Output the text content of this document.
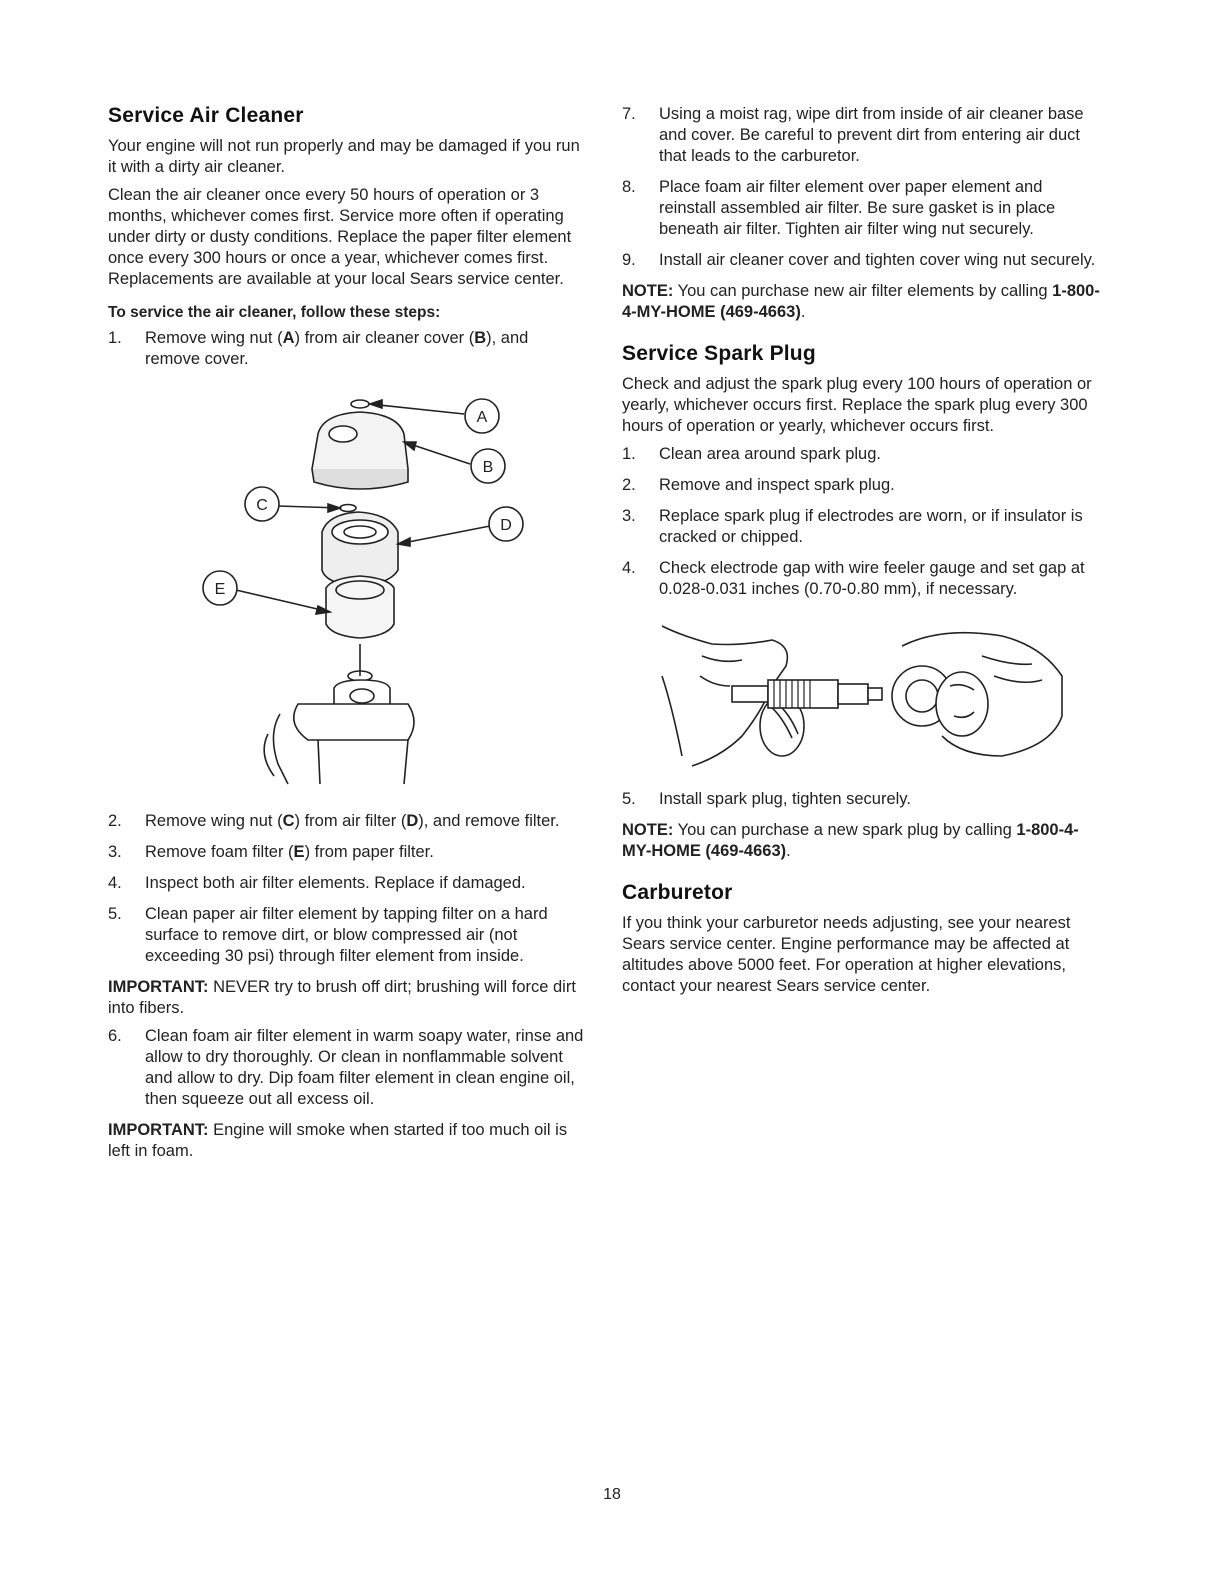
Service Air Cleaner

Your engine will not run properly and may be damaged if you run it with a dirty air cleaner.

Clean the air cleaner once every 50 hours of operation or 3 months, whichever comes first. Service more often if operating under dirty or dusty conditions. Replace the paper filter element once every 300 hours or once a year, whichever comes first. Replacements are available at your local Sears service center.

To service the air cleaner, follow these steps:
1. Remove wing nut (A) from air cleaner cover (B), and remove cover.
A
B
C
D
E
2. Remove wing nut (C) from air filter (D), and remove filter.
3. Remove foam filter (E) from paper filter.
4. Inspect both air filter elements. Replace if damaged.
5. Clean paper air filter element by tapping filter on a hard surface to remove dirt, or blow compressed air (not exceeding 30 psi) through filter element from inside.

IMPORTANT: NEVER try to brush off dirt; brushing will force dirt into fibers.

6. Clean foam air filter element in warm soapy water, rinse and allow to dry thoroughly. Or clean in nonflammable solvent and allow to dry. Dip foam filter element in clean engine oil, then squeeze out all excess oil.

IMPORTANT: Engine will smoke when started if too much oil is left in foam.

7. Using a moist rag, wipe dirt from inside of air cleaner base and cover. Be careful to prevent dirt from entering air duct that leads to the carburetor.
8. Place foam air filter element over paper element and reinstall assembled air filter. Be sure gasket is in place beneath air filter. Tighten air filter wing nut securely.
9. Install air cleaner cover and tighten cover wing nut securely.

NOTE: You can purchase new air filter elements by calling 1-800-4-MY-HOME (469-4663).

Service Spark Plug

Check and adjust the spark plug every 100 hours of operation or yearly, whichever occurs first. Replace the spark plug every 300 hours of operation or yearly, whichever occurs first.

1. Clean area around spark plug.
2. Remove and inspect spark plug.
3. Replace spark plug if electrodes are worn, or if insulator is cracked or chipped.
4. Check electrode gap with wire feeler gauge and set gap at 0.028-0.031 inches (0.70-0.80 mm), if necessary.
5. Install spark plug, tighten securely.

NOTE: You can purchase a new spark plug by calling 1-800-4-MY-HOME (469-4663).

Carburetor

If you think your carburetor needs adjusting, see your nearest Sears service center. Engine performance may be affected at altitudes above 5000 feet. For operation at higher elevations, contact your nearest Sears service center.

18
